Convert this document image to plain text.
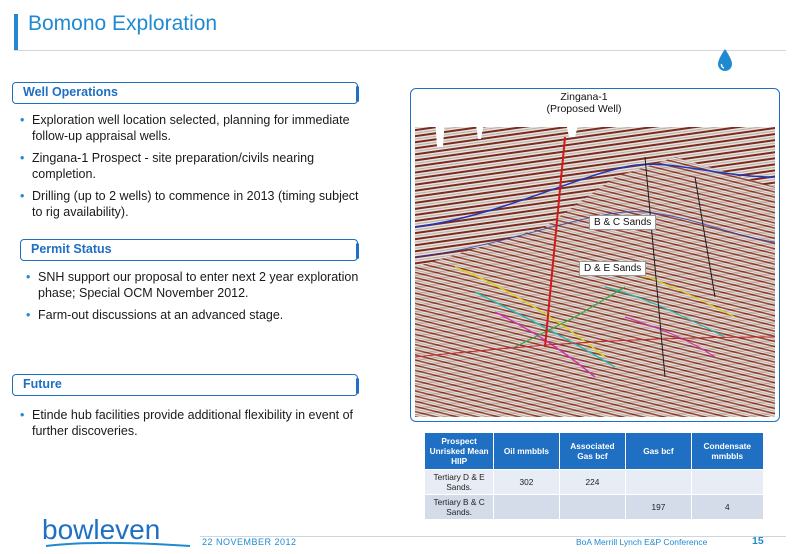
Bomono Exploration
Well Operations
• Exploration well location selected, planning for immediate follow-up appraisal wells.
• Zingana-1 Prospect - site preparation/civils nearing completion.
• Drilling (up to 2 wells) to commence in 2013 (timing subject to rig availability).
Permit Status
• SNH support our proposal to enter next 2 year exploration phase; Special OCM November 2012.
• Farm-out discussions at an advanced stage.
Future
• Etinde hub facilities provide additional flexibility in event of further discoveries.
Zingana-1
(Proposed Well)
B & C Sands
D & E Sands
Prospect Unrisked Mean HIIP	Oil mmbbls	Associated Gas bcf	Gas bcf	Condensate mmbbls
Tertiary D & E Sands.	302	224		
Tertiary B & C Sands.			197	4
bowleven	22 NOVEMBER 2012	BoA Merrill Lynch E&P Conference	15
